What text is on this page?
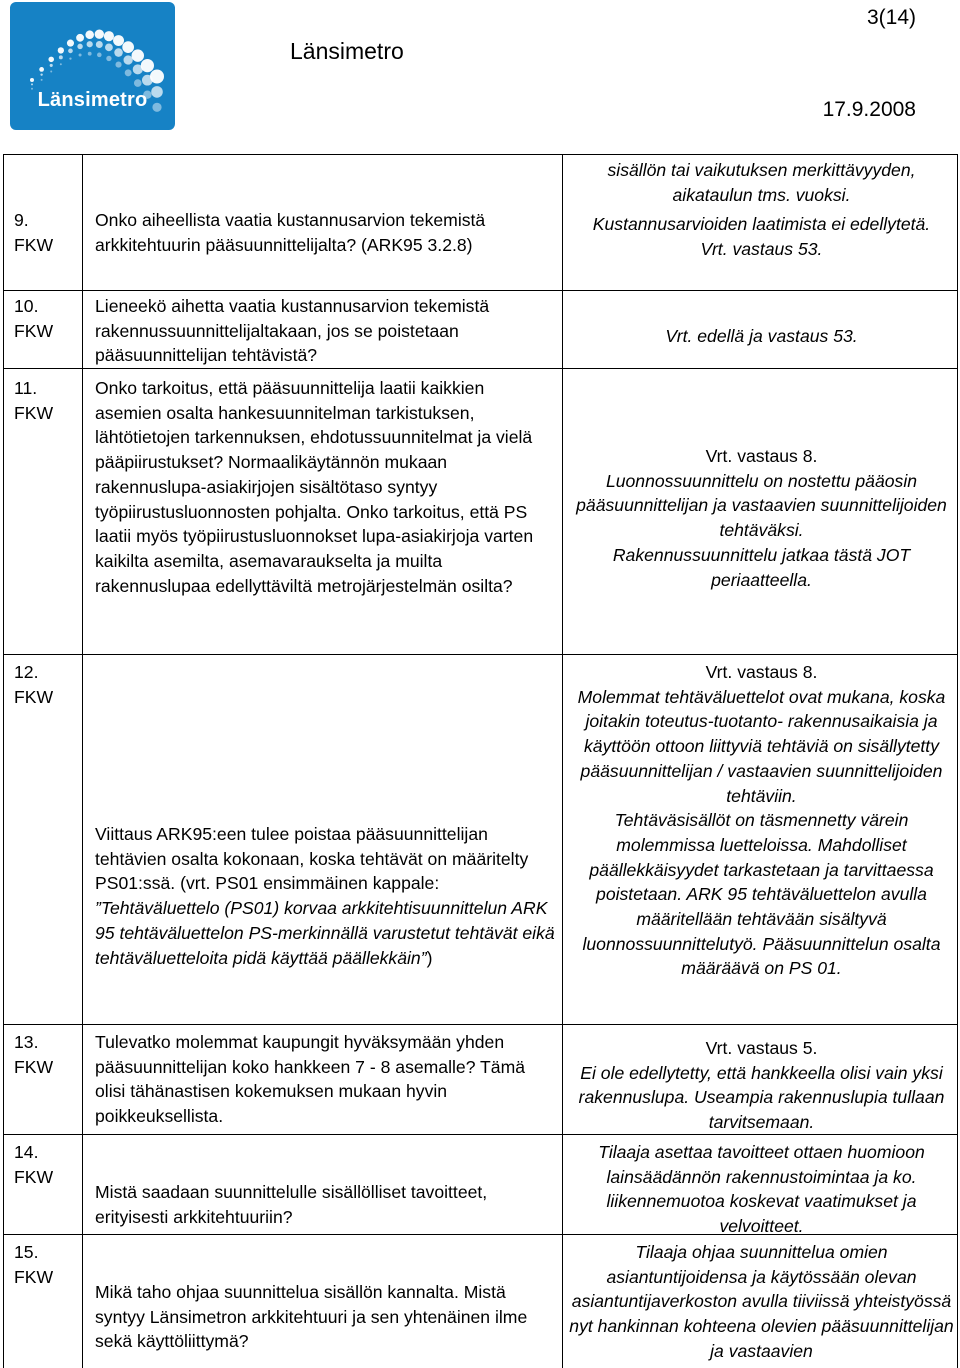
Länsimetro
Länsimetro
3(14)
17.9.2008
sisällön tai vaikutuksen merkittävyyden, aikataulun tms. vuoksi.
9.
FKW

Onko aiheellista vaatia kustannusarvion tekemistä arkkitehtuurin pääsuunnittelijalta? (ARK95 3.2.8)

Kustannusarvioiden laatimista ei edellytetä.

Vrt. vastaus 53.

10.
FKW

Lieneekö aihetta vaatia kustannusarvion tekemistä rakennussuunnittelijaltakaan, jos se poistetaan pääsuunnittelijan tehtävistä?

Vrt. edellä ja vastaus 53.

11.
FKW

Onko tarkoitus, että pääsuunnittelija laatii kaikkien asemien osalta hankesuunnitelman tarkistuksen, lähtötietojen tarkennuksen, ehdotussuunnitelmat ja vielä pääpiirustukset? Normaalikäytännön mukaan rakennuslupa-asiakirjojen sisältötaso syntyy työpiirustusluonnosten pohjalta. Onko tarkoitus, että PS laatii myös työpiirustusluonnokset lupa-asiakirjoja varten kaikilta asemilta, asemavaraukselta ja muilta rakennuslupaa edellyttäviltä metrojärjestelmän osilta?

Vrt. vastaus 8.

Luonnossuunnittelu on nostettu pääosin pääsuunnittelijan ja vastaavien suunnittelijoiden tehtäväksi.

Rakennussuunnittelu jatkaa tästä JOT periaatteella.

12.
FKW

Viittaus ARK95:een tulee poistaa pääsuunnittelijan tehtävien osalta kokonaan, koska tehtävät on määritelty PS01:ssä. (vrt. PS01 ensimmäinen kappale: ”Tehtäväluettelo (PS01) korvaa arkkitehtisuunnittelun ARK 95 tehtäväluettelon PS-merkinnällä varustetut tehtävät eikä tehtäväluetteloita pidä käyttää päällekkäin”)

Vrt. vastaus 8.

Molemmat tehtäväluettelot ovat mukana, koska joitakin toteutus-tuotanto- rakennusaikaisia ja käyttöön ottoon liittyviä tehtäviä on sisällytetty pääsuunnittelijan / vastaavien suunnittelijoiden tehtäviin.

Tehtäväsisällöt on täsmennetty värein molemmissa luetteloissa. Mahdolliset päällekkäisyydet tarkastetaan ja tarvittaessa poistetaan. ARK 95 tehtäväluettelon avulla määritellään tehtävään sisältyvä luonnossuunnittelutyö. Pääsuunnittelun osalta määräävä on PS 01.

13.
FKW

Tulevatko molemmat kaupungit hyväksymään yhden pääsuunnittelijan koko hankkeen 7 - 8 asemalle? Tämä olisi tähänastisen kokemuksen mukaan hyvin poikkeuksellista.

Vrt. vastaus 5.

Ei ole edellytetty, että hankkeella olisi vain yksi rakennuslupa. Useampia rakennuslupia tullaan tarvitsemaan.

14.
FKW

Mistä saadaan suunnittelulle sisällölliset tavoitteet, erityisesti arkkitehtuuriin?

Tilaaja asettaa tavoitteet ottaen huomioon lainsäädännön rakennustoimintaa ja ko. liikennemuotoa koskevat vaatimukset ja velvoitteet.

15.
FKW

Mikä taho ohjaa suunnittelua sisällön kannalta. Mistä syntyy Länsimetron arkkitehtuuri ja sen yhtenäinen ilme sekä käyttöliittymä?

Tilaaja ohjaa suunnittelua omien asiantuntijoidensa ja käytössään olevan asiantuntijaverkoston avulla tiiviissä yhteistyössä nyt hankinnan kohteena olevien pääsuunnittelijan ja vastaavien
